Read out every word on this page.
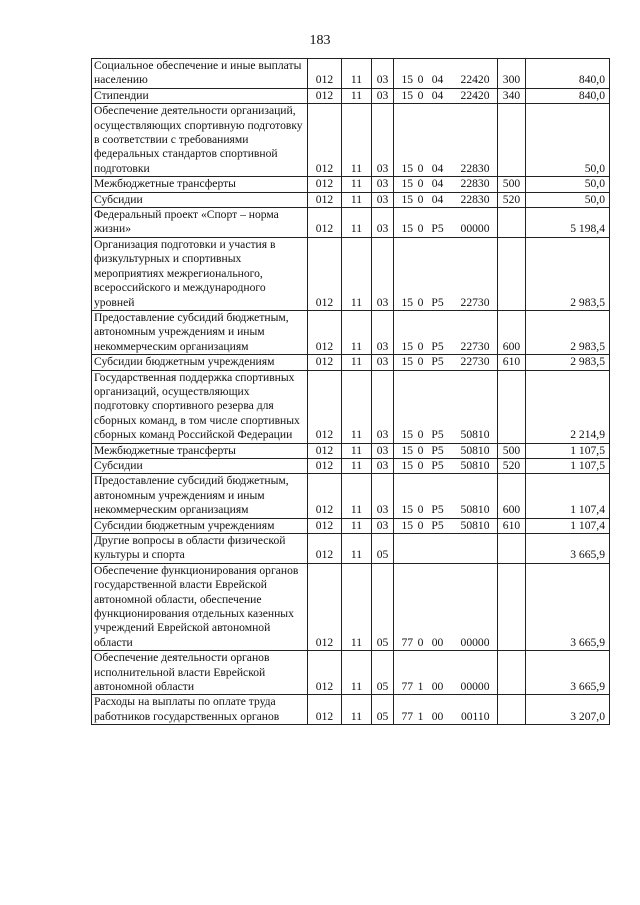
183
Социальное обеспечение и иные выплаты населению	012	11	03	15 0 04 22420	300	840,0
Стипендии	012	11	03	15 0 04 22420	340	840,0
Обеспечение деятельности организаций, осуществляющих спортивную подготовку в соответствии с требованиями федеральных стандартов спортивной подготовки	012	11	03	15 0 04 22830		50,0
Межбюджетные трансферты	012	11	03	15 0 04 22830	500	50,0
Субсидии	012	11	03	15 0 04 22830	520	50,0
Федеральный проект «Спорт – норма жизни»	012	11	03	15 0 P5 00000		5 198,4
Организация подготовки и участия в физкультурных и спортивных мероприятиях межрегионального, всероссийского и международного уровней	012	11	03	15 0 P5 22730		2 983,5
Предоставление субсидий бюджетным, автономным учреждениям и иным некоммерческим организациям	012	11	03	15 0 P5 22730	600	2 983,5
Субсидии бюджетным учреждениям	012	11	03	15 0 P5 22730	610	2 983,5
Государственная поддержка спортивных организаций, осуществляющих подготовку спортивного резерва для сборных команд, в том числе спортивных сборных команд Российской Федерации	012	11	03	15 0 P5 50810		2 214,9
Межбюджетные трансферты	012	11	03	15 0 P5 50810	500	1 107,5
Субсидии	012	11	03	15 0 P5 50810	520	1 107,5
Предоставление субсидий бюджетным, автономным учреждениям и иным некоммерческим организациям	012	11	03	15 0 P5 50810	600	1 107,4
Субсидии бюджетным учреждениям	012	11	03	15 0 P5 50810	610	1 107,4
Другие вопросы в области физической культуры и спорта	012	11	05			3 665,9
Обеспечение функционирования органов государственной власти Еврейской автономной области, обеспечение функционирования отдельных казенных учреждений Еврейской автономной области	012	11	05	77 0 00 00000		3 665,9
Обеспечение деятельности органов исполнительной власти Еврейской автономной области	012	11	05	77 1 00 00000		3 665,9
Расходы на выплаты по оплате труда работников государственных органов	012	11	05	77 1 00 00110		3 207,0
